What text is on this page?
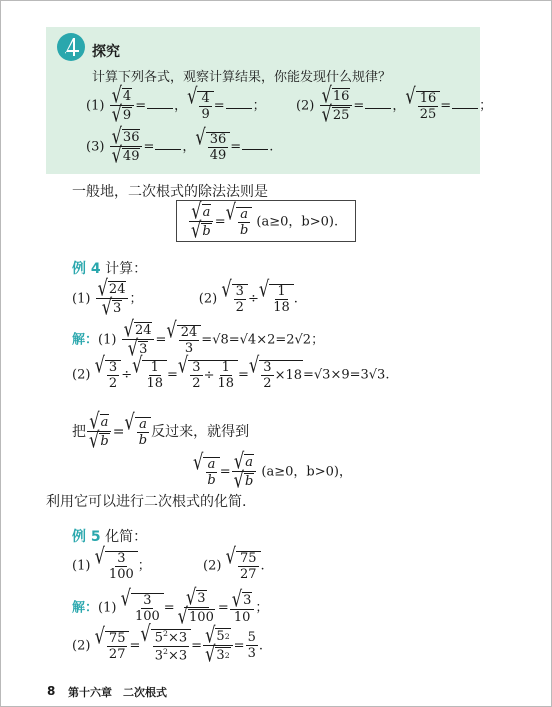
探究
计算下列各式，观察计算结果，你能发现什么规律？
$(1) \frac{√ 4}{√ 9}$ = ， √ $\frac{4}{9}$ = ；  $(2) \frac{√ 16}{√ 25}$ = ， √ $\frac{16}{25}$ = ；
$(3) \frac{√ 36}{√ 49}$ = ， √ $\frac{36}{49}$ = .
一般地，二次根式的除法法则是
$\frac{√ a}{√ b}$ = √ $\frac{a}{b} (a\ge 0$，b>0).
例 4 计算：
$(1) \frac{√ 24}{√ 3}$ ；	(2) √ $\frac{3}{2}$ ÷ √ $\frac{1}{18}$ .
解：$(1) \frac{√ 24}{√ 3}$ = √ $\frac{24}{3} =√8=√4\times 2=2√2$；
(2) √ $\frac{3}{2}$ ÷ √ $\frac{1}{18}$ = √ $\frac{3}{2} \div \frac{1}{18}$ = √ $\frac{3}{2} \times 18 =√3\times 9=3√3$.
把 $\frac{√ a}{√ b}$ = √ $\frac{a}{b}$ 反过来，就得到
√ $\frac{a}{b} = \frac{√ a}{√ b} (a\ge 0$，b>0)，
利用它可以进行二次根式的化简.
例 5 化简：
(1) √ $\frac{3}{100}$ ；	(2) √ $\frac{75}{27}$ .
解：(1) √ $\frac{3}{100} = \frac{√ 3}{√ 100} = \frac{√ 3}{10}$ ；
(2) √ $\frac{75}{27}$ = √ $\frac{5^2\times 3}{3^2\times 3} = \frac{√ 5 2}{√ 3 2} = \frac{5}{3}$ .
8 第十六章　二次根式
